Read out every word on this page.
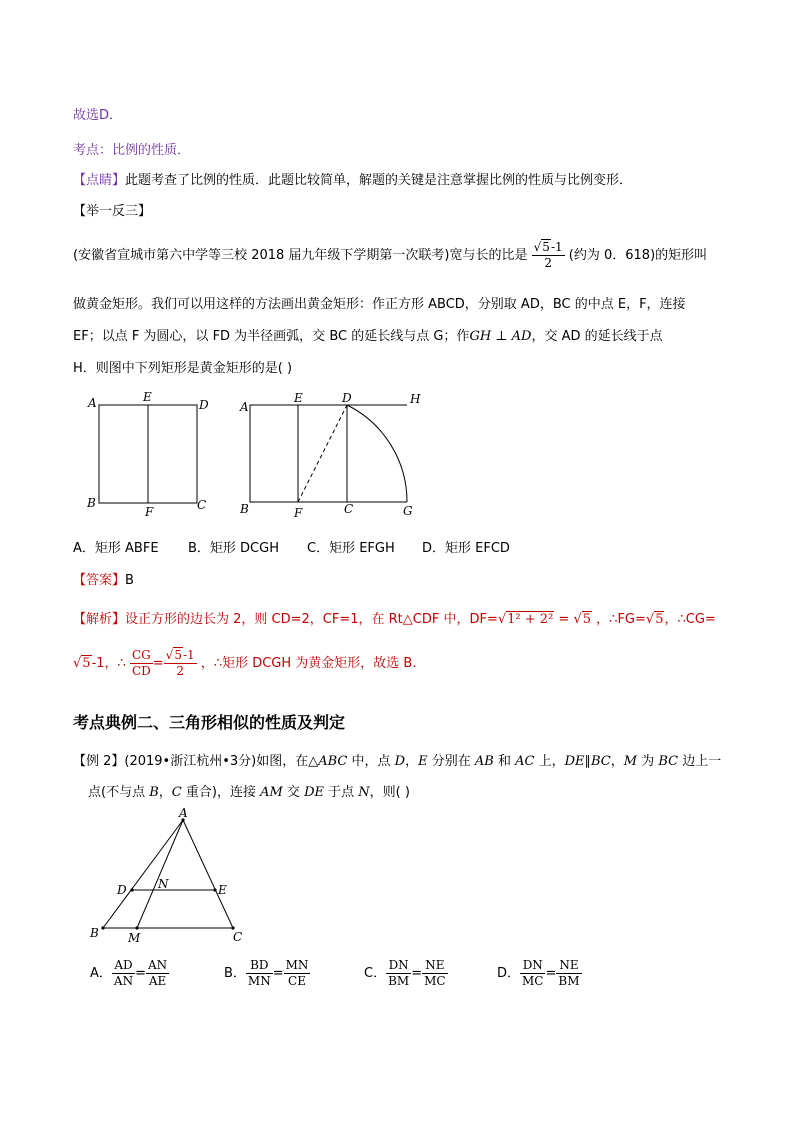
故选D．
考点：比例的性质．
【点睛】此题考查了比例的性质．此题比较简单，解题的关键是注意掌握比例的性质与比例变形．
【举一反三】
(安徽省宣城市第六中学等三校 2018 届九年级下学期第一次联考)宽与长的比是 $\frac{√5-1}{2}$ (约为 0．618)的矩形叫
做黄金矩形。我们可以用这样的方法画出黄金矩形：作正方形 ABCD，分别取 AD，BC 的中点 E，F，连接
EF；以点 F 为圆心，以 FD 为半径画弧，交 BC 的延长线与点 G；作GH ⊥ AD，交 AD 的延长线于点
H．则图中下列矩形是黄金矩形的是( )
A	E
D
B
F	C
A
E	D	H
B	F	C	G
A．矩形 ABFE B．矩形 DCGH C．矩形 EFGH D．矩形 EFCD
【答案】B
【解析】设正方形的边长为 2，则 CD=2，CF=1，在 Rt△CDF 中，DF=√1² + 2² = √5 ，∴FG=√5，∴CG=
√5-1，∴ $\frac{CG}{CD} = \frac{√5-1}{2}$ ，∴矩形 DCGH 为黄金矩形，故选 B.
考点典例二、三角形相似的性质及判定
【例 2】(2019•浙江杭州•3分)如图，在△ABC 中，点 D，E 分别在 AB 和 AC 上，DE∥BC，M 为 BC 边上一
点(不与点 B，C 重合)，连接 AM 交 DE 于点 N，则( )
A
D	N	E
B M	C
A． $\frac{AD}{AN} = \frac{AN}{AE}$	B． $\frac{BD}{MN} = \frac{MN}{CE}$	C． $\frac{DN}{BM} = \frac{NE}{MC}$	D． $\frac{DN}{MC} = \frac{NE}{BM}$
